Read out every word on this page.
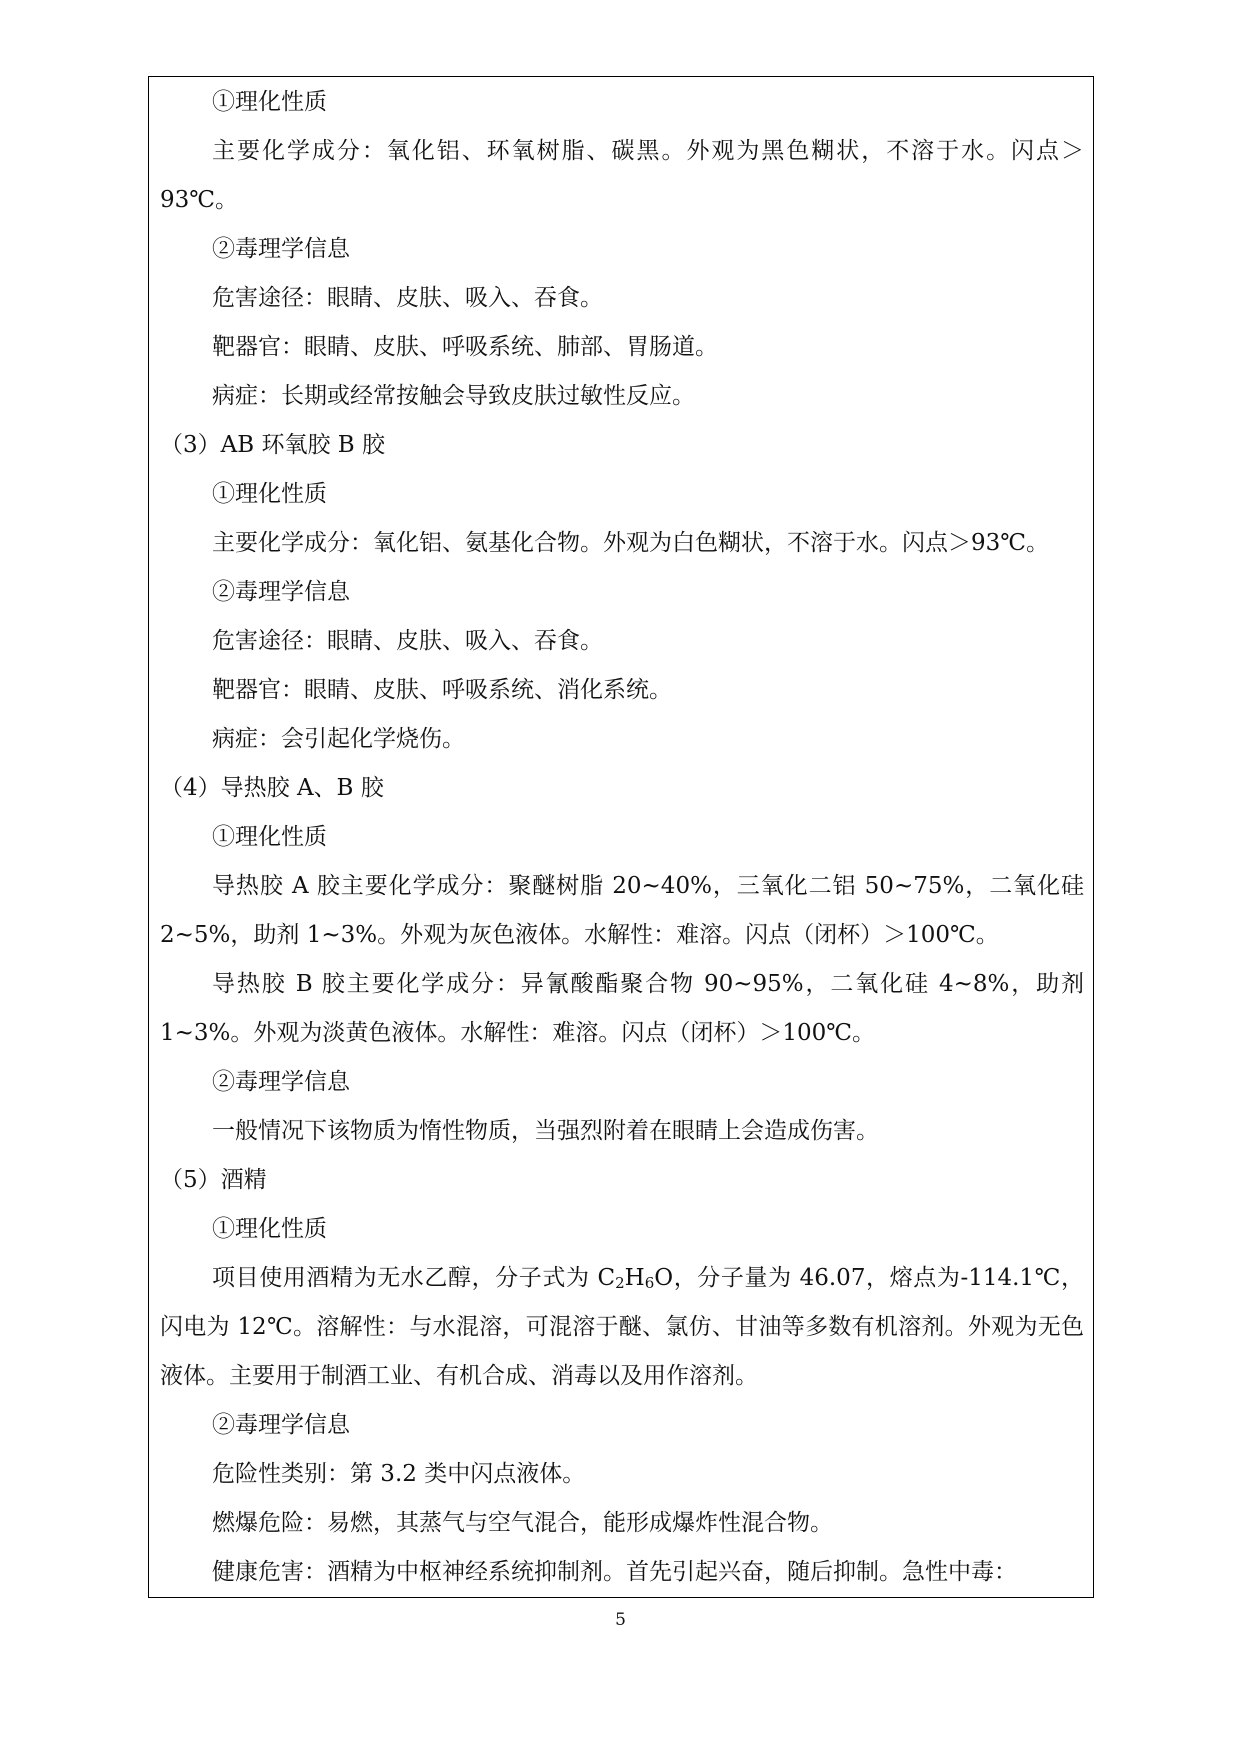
①理化性质
主要化学成分：氧化铝、环氧树脂、碳黑。外观为黑色糊状，不溶于水。闪点＞93℃。
②毒理学信息
危害途径：眼睛、皮肤、吸入、吞食。
靶器官：眼睛、皮肤、呼吸系统、肺部、胃肠道。
病症：长期或经常按触会导致皮肤过敏性反应。
（3）AB 环氧胶 B 胶
①理化性质
主要化学成分：氧化铝、氨基化合物。外观为白色糊状，不溶于水。闪点＞93℃。
②毒理学信息
危害途径：眼睛、皮肤、吸入、吞食。
靶器官：眼睛、皮肤、呼吸系统、消化系统。
病症：会引起化学烧伤。
（4）导热胶 A、B 胶
①理化性质
导热胶 A 胶主要化学成分：聚醚树脂 20~40%，三氧化二铝 50~75%，二氧化硅 2~5%，助剂 1~3%。外观为灰色液体。水解性：难溶。闪点（闭杯）＞100℃。
导热胶 B 胶主要化学成分：异氰酸酯聚合物 90~95%，二氧化硅 4~8%，助剂 1~3%。外观为淡黄色液体。水解性：难溶。闪点（闭杯）＞100℃。
②毒理学信息
一般情况下该物质为惰性物质，当强烈附着在眼睛上会造成伤害。
（5）酒精
①理化性质
项目使用酒精为无水乙醇，分子式为 $C_2H_6O$，分子量为 46.07，熔点为-114.1℃，闪电为 12℃。溶解性：与水混溶，可混溶于醚、氯仿、甘油等多数有机溶剂。外观为无色液体。主要用于制酒工业、有机合成、消毒以及用作溶剂。
②毒理学信息
危险性类别：第 3.2 类中闪点液体。
燃爆危险：易燃，其蒸气与空气混合，能形成爆炸性混合物。
健康危害：酒精为中枢神经系统抑制剂。首先引起兴奋，随后抑制。急性中毒：
5
